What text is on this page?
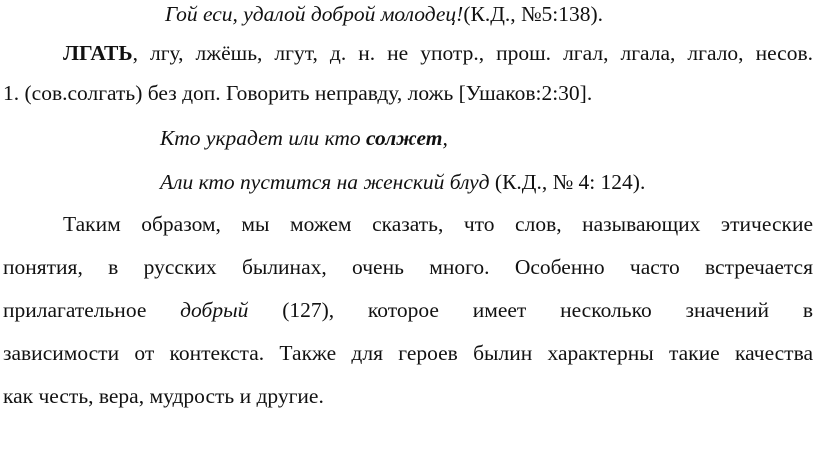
Гой еси, удалой доброй молодец!(К.Д., №5:138).
ЛГАТЬ, лгу, лжёшь, лгут, д. н. не употр., прош. лгал, лгала, лгало, несов.
1. (сов.солгать) без доп. Говорить неправду, ложь [Ушаков:2:30].
Кто украдет или кто солжет,
Али кто пустится на женский блуд (К.Д., № 4: 124).
Таким образом, мы можем сказать, что слов, называющих этические
понятия, в русских былинах, очень много. Особенно часто встречается
прилагательное добрый (127), которое имеет несколько значений в
зависимости от контекста. Также для героев былин характерны такие качества
как честь, вера, мудрость и другие.
